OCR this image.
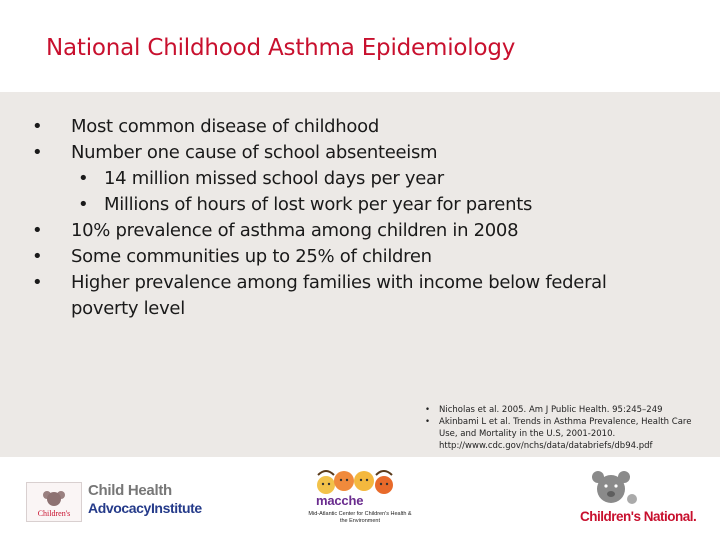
National Childhood Asthma Epidemiology
• Most common disease of childhood
• Number one cause of school absenteeism
• 14 million missed school days per year
• Millions of hours of lost work per year for parents
• 10% prevalence of asthma among children in 2008
• Some communities up to 25% of children
• Higher prevalence among families with income below federal poverty level
• Nicholas et al. 2005. Am J Public Health. 95:245–249
• Akinbami L et al. Trends in Asthma Prevalence, Health Care Use, and Mortality in the U.S, 2001-2010. http://www.cdc.gov/nchs/data/databriefs/db94.pdf
Children's
Child Health
AdvocacyInstitute	macche
Mid-Atlantic Center for Children's Health & the Environment	Children's National.
